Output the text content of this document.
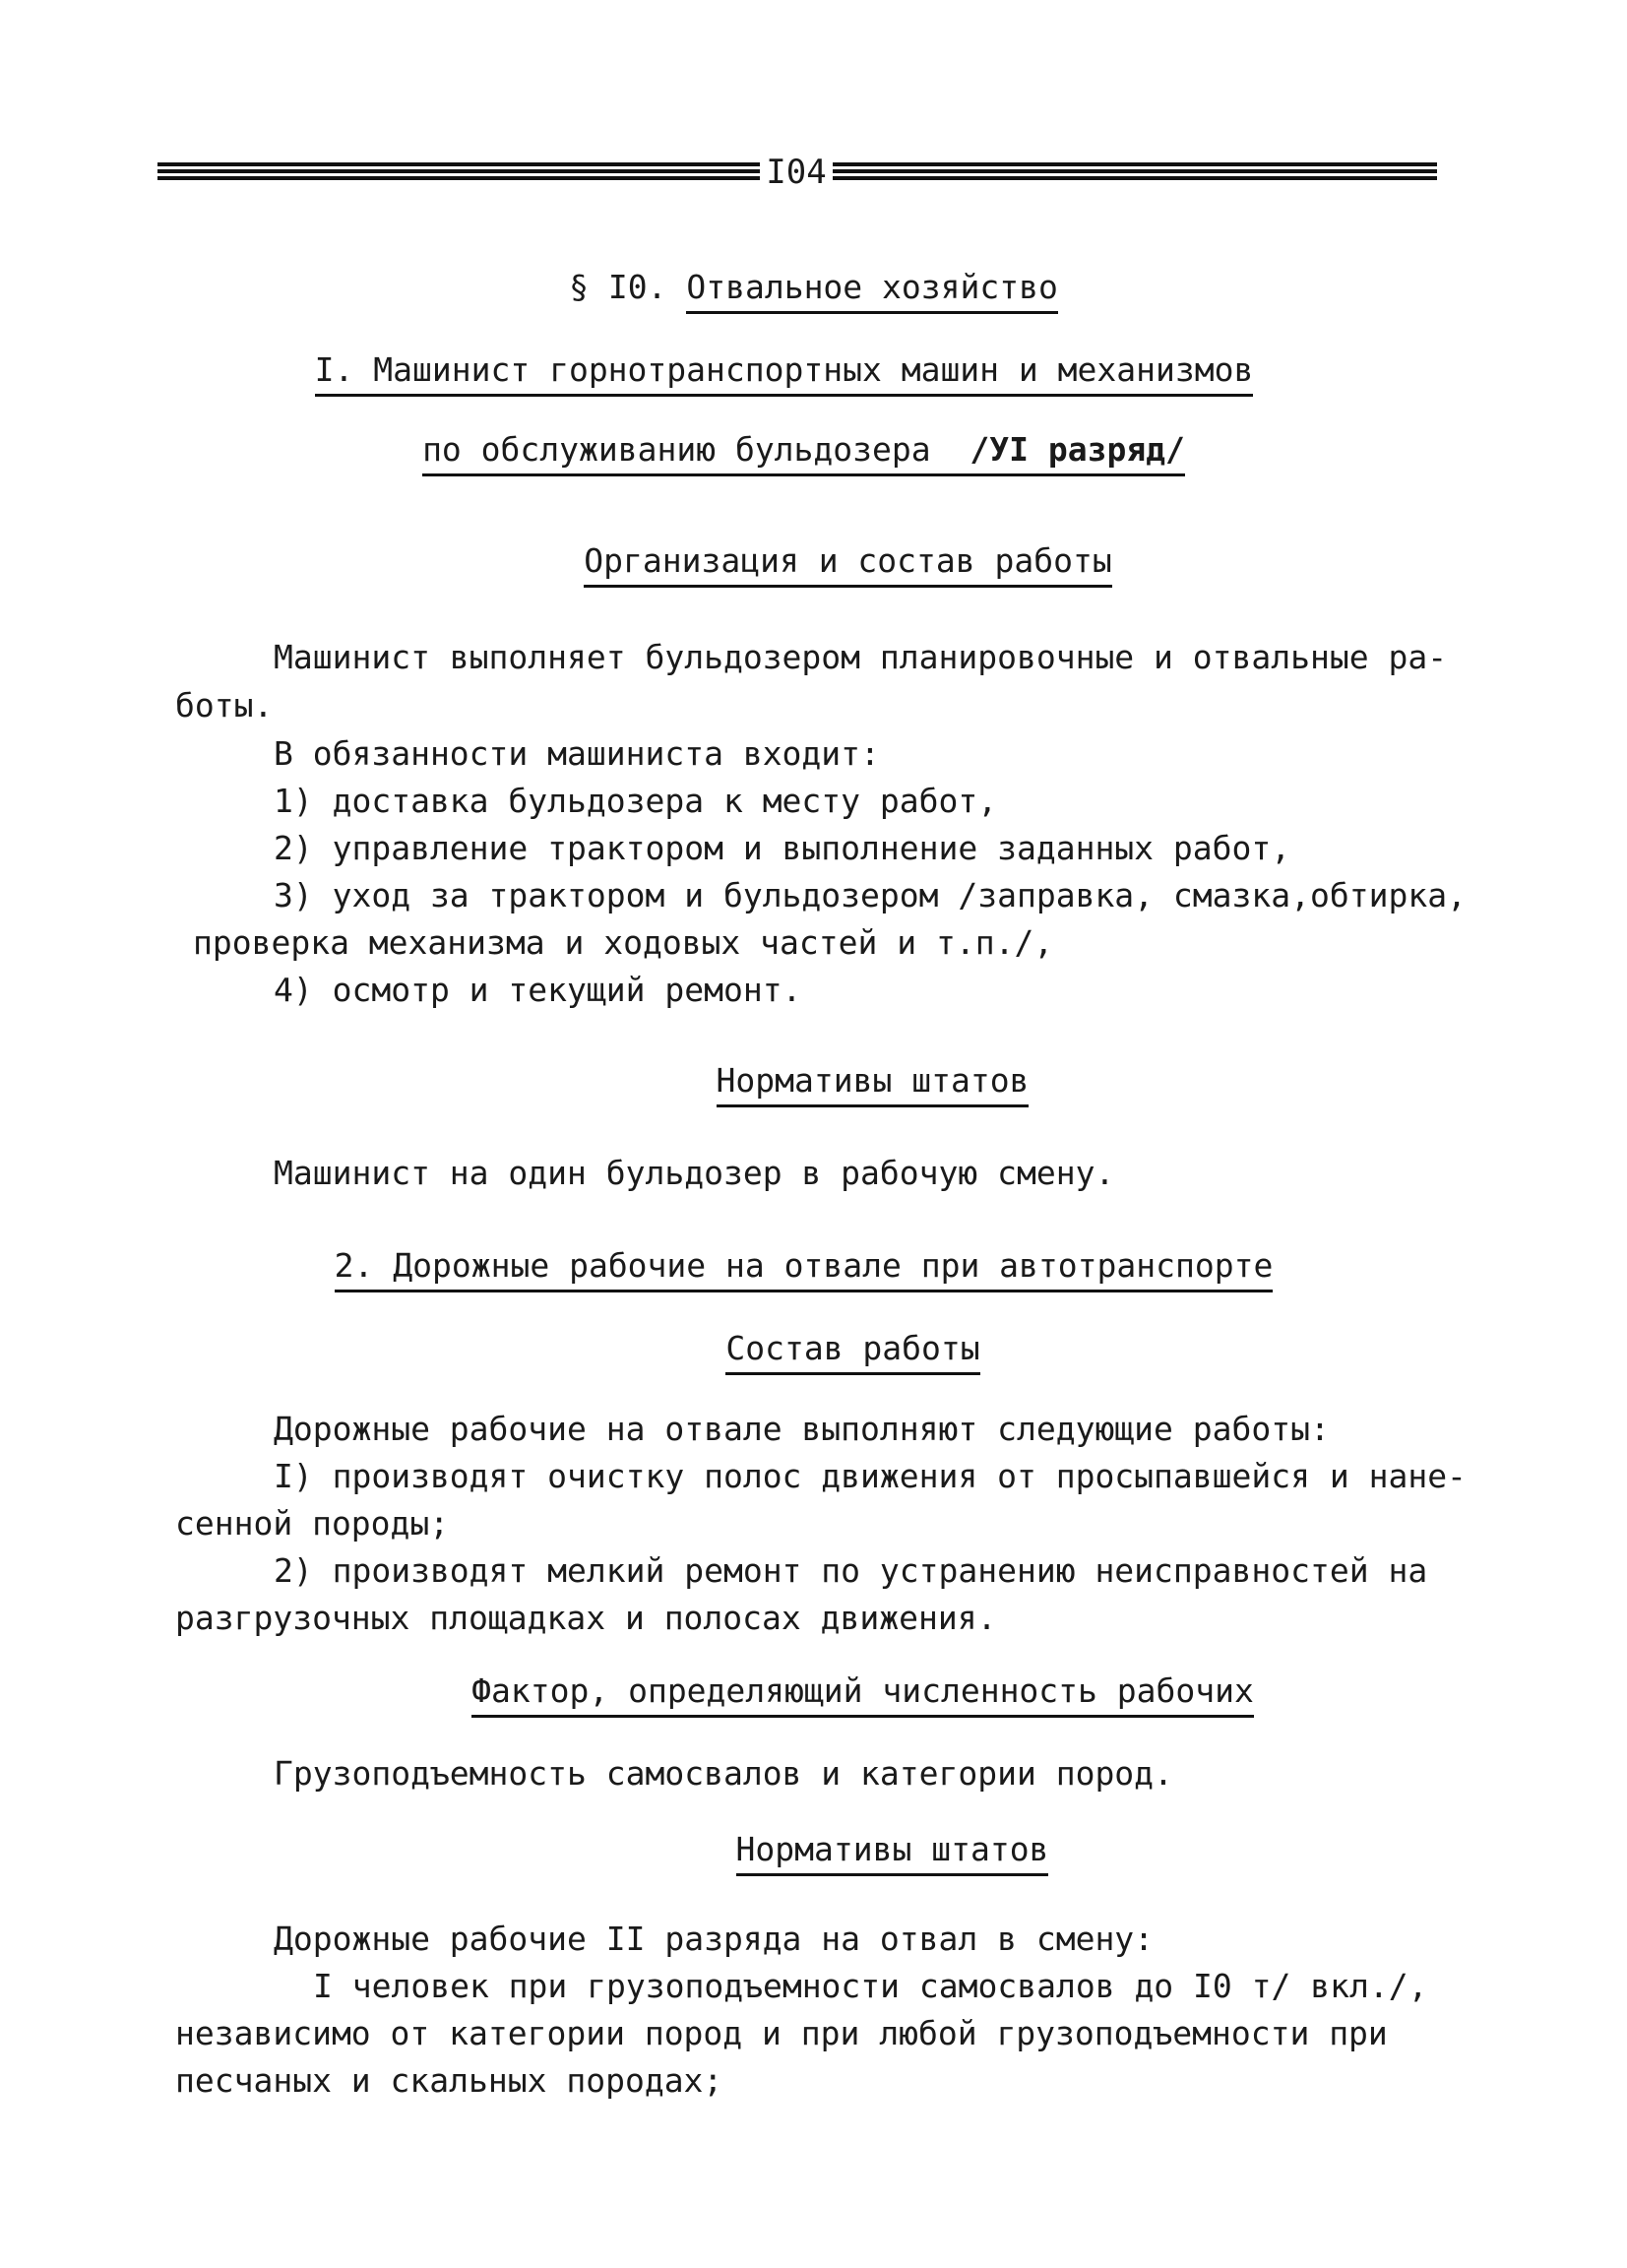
I04
§ I0. Отвальное хозяйство
I. Машинист горнотранспортных машин и механизмов
по обслуживанию бульдозера /УI разряд/
Организация и состав работы
Машинист выполняет бульдозером планировочные и отвальные ра-
боты.
В обязанности машиниста входит:
1) доставка бульдозера к месту работ,
2) управление трактором и выполнение заданных работ,
3) уход за трактором и бульдозером /заправка, смазка,обтирка,
проверка механизма и ходовых частей и т.п./,
4) осмотр и текущий ремонт.
Нормативы штатов
Машинист на один бульдозер в рабочую смену.
2. Дорожные рабочие на отвале при автотранспорте
Состав работы
Дорожные рабочие на отвале выполняют следующие работы:
I) производят очистку полос движения от просыпавшейся и нане-
сенной породы;
2) производят мелкий ремонт по устранению неисправностей на
разгрузочных площадках и полосах движения.
Фактор, определяющий численность рабочих
Грузоподъемность самосвалов и категории пород.
Нормативы штатов
Дорожные рабочие II разряда на отвал в смену:
I человек при грузоподъемности самосвалов до I0 т/ вкл./,
независимо от категории пород и при любой грузоподъемности при
песчаных и скальных породах;
